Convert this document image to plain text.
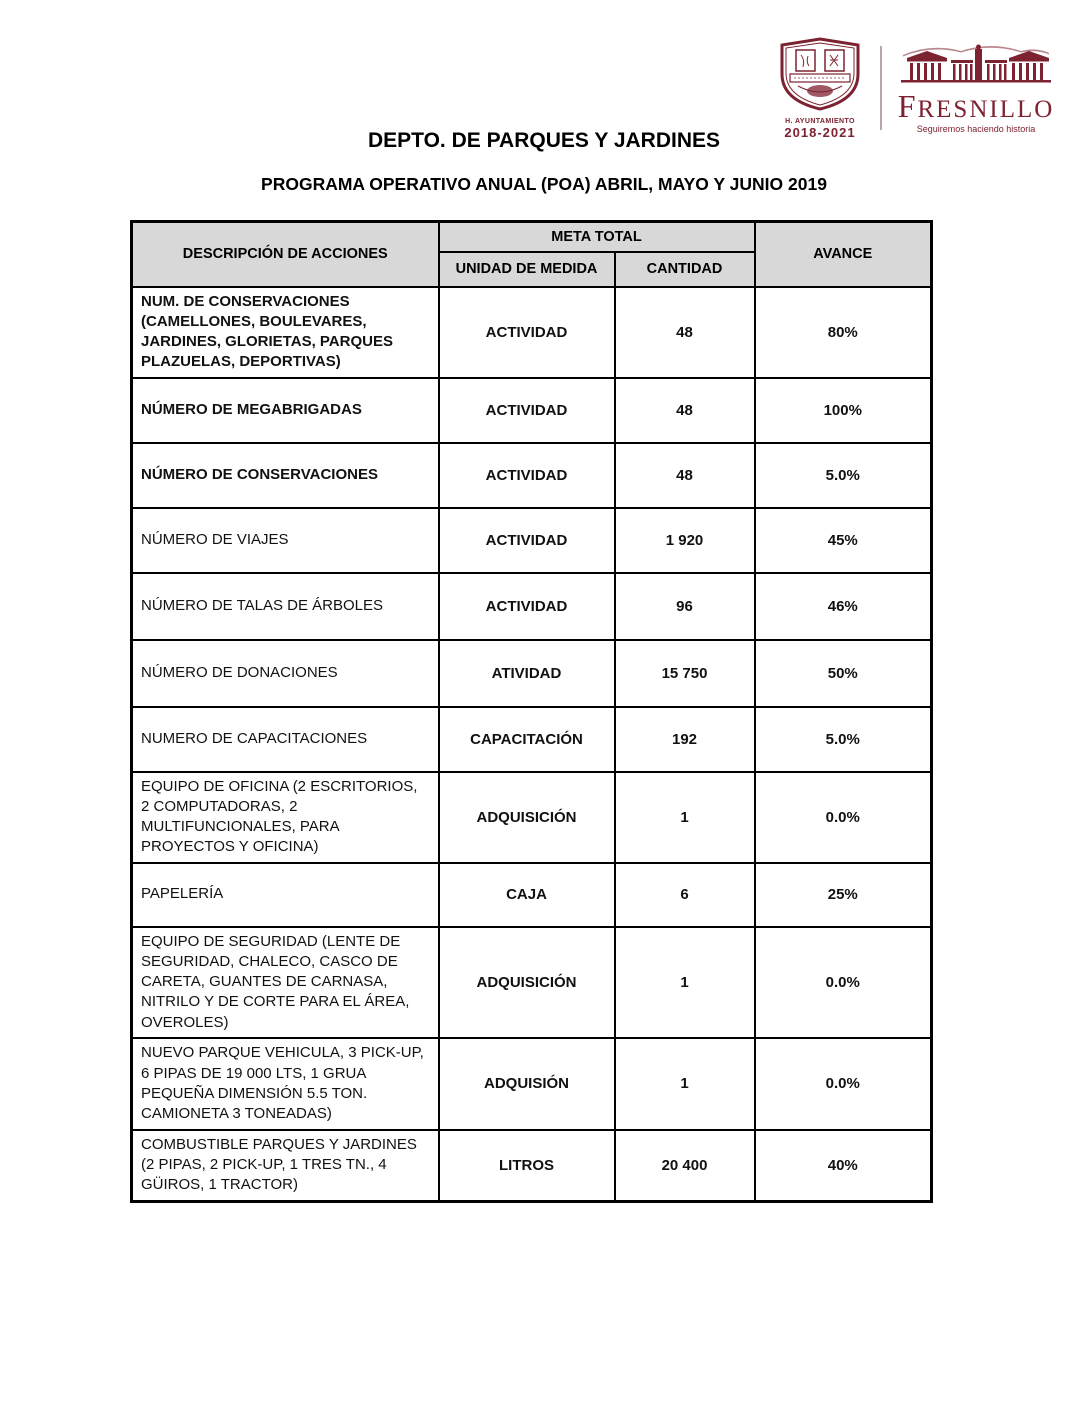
H. AYUNTAMIENTO
2018-2021
FRESNILLO
Seguiremos haciendo historia
DEPTO. DE PARQUES Y JARDINES
PROGRAMA OPERATIVO ANUAL (POA) ABRIL, MAYO Y JUNIO 2019
DESCRIPCIÓN DE ACCIONES	META TOTAL		AVANCE
	UNIDAD DE MEDIDA	CANTIDAD	
NUM. DE CONSERVACIONES (CAMELLONES, BOULEVARES, JARDINES, GLORIETAS, PARQUES PLAZUELAS, DEPORTIVAS)	ACTIVIDAD	48	80%
NÚMERO DE MEGABRIGADAS	ACTIVIDAD	48	100%
NÚMERO DE CONSERVACIONES	ACTIVIDAD	48	5.0%
NÚMERO DE VIAJES	ACTIVIDAD	1 920	45%
NÚMERO DE TALAS DE ÁRBOLES	ACTIVIDAD	96	46%
NÚMERO DE DONACIONES	ATIVIDAD	15 750	50%
NUMERO DE CAPACITACIONES	CAPACITACIÓN	192	5.0%
EQUIPO DE OFICINA (2 ESCRITORIOS, 2 COMPUTADORAS, 2 MULTIFUNCIONALES, PARA PROYECTOS Y OFICINA)	ADQUISICIÓN	1	0.0%
PAPELERÍA	CAJA	6	25%
EQUIPO DE SEGURIDAD (LENTE DE SEGURIDAD, CHALECO, CASCO DE CARETA, GUANTES DE CARNASA, NITRILO Y DE CORTE PARA EL ÁREA, OVEROLES)	ADQUISICIÓN	1	0.0%
NUEVO PARQUE VEHICULA, 3 PICK-UP, 6 PIPAS DE 19 000 LTS, 1 GRUA PEQUEÑA DIMENSIÓN 5.5 TON. CAMIONETA 3 TONEADAS)	ADQUISIÓN	1	0.0%
COMBUSTIBLE PARQUES Y JARDINES (2 PIPAS, 2 PICK-UP, 1 TRES TN., 4 GÜIROS, 1 TRACTOR)	LITROS	20 400	40%
